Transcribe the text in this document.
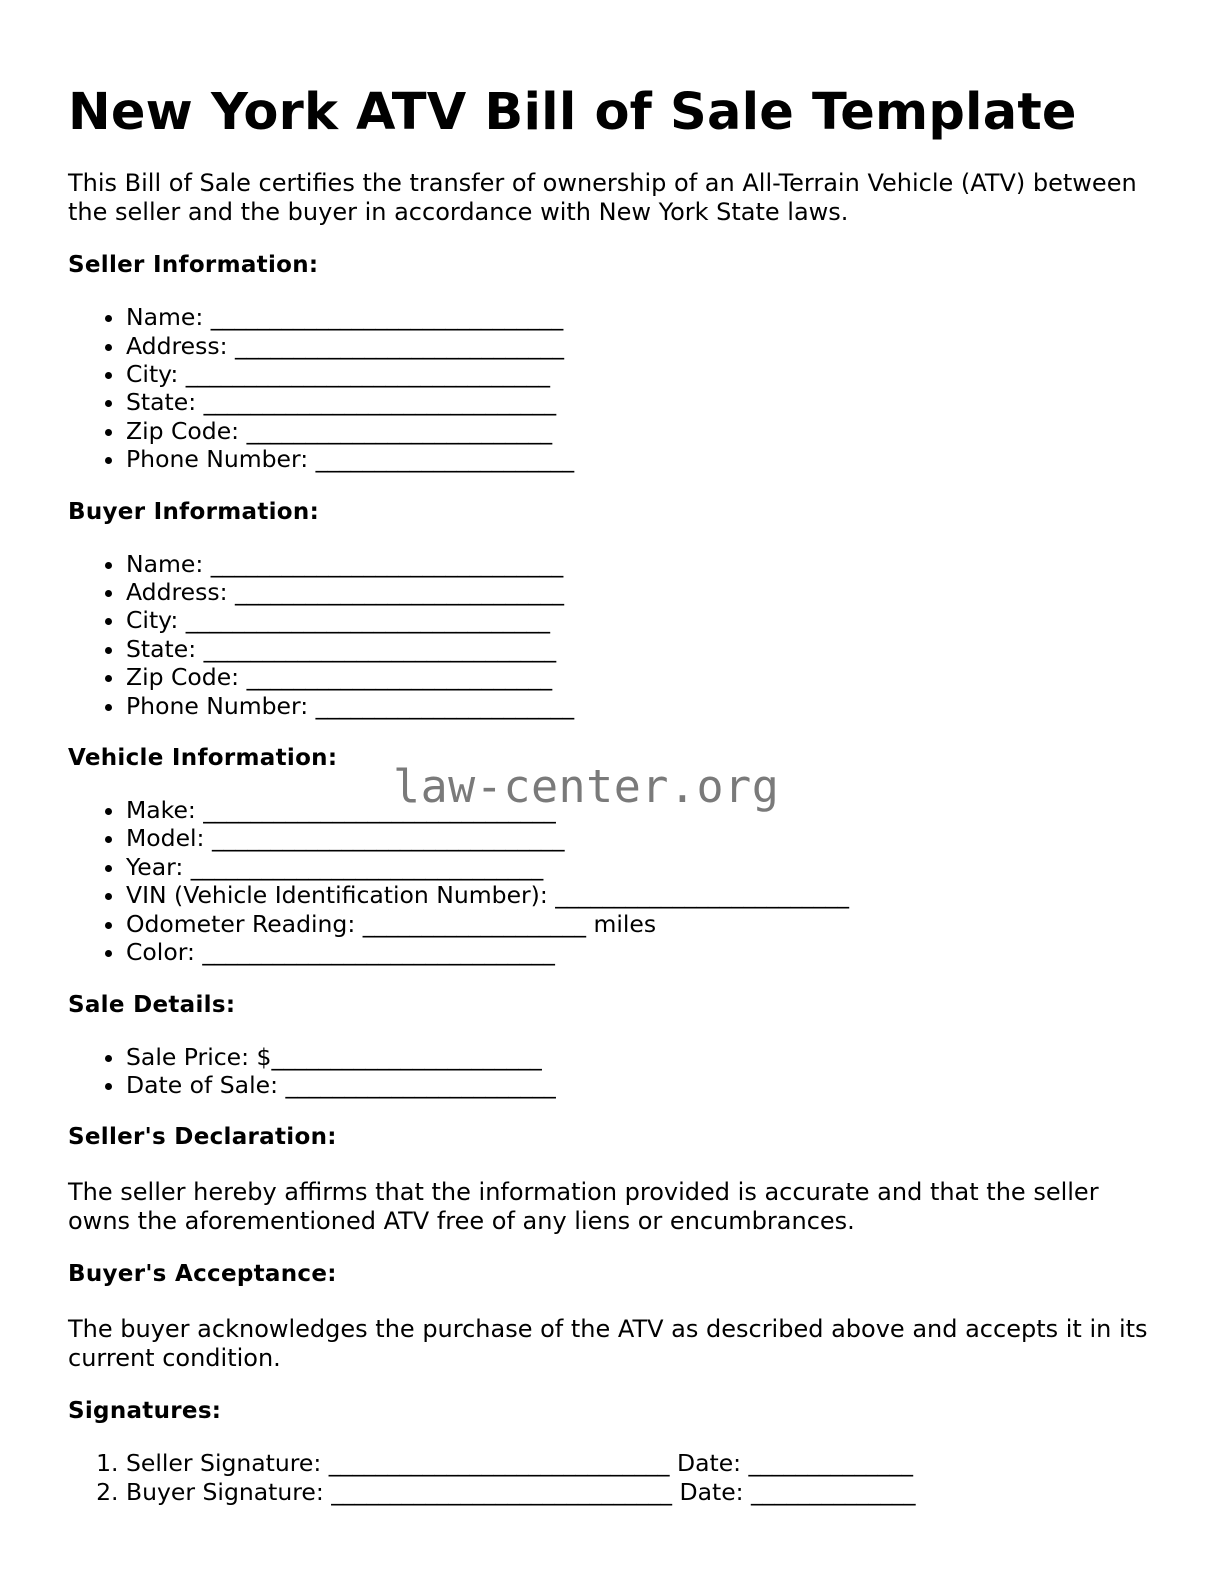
New York ATV Bill of Sale Template

This Bill of Sale certifies the transfer of ownership of an All-Terrain Vehicle (ATV) between the seller and the buyer in accordance with New York State laws.

Seller Information:
• Name: ______________________________
• Address: ____________________________
• City: _______________________________
• State: ______________________________
• Zip Code: __________________________
• Phone Number: ______________________
Buyer Information:
• Name: ______________________________
• Address: ____________________________
• City: _______________________________
• State: ______________________________
• Zip Code: __________________________
• Phone Number: ______________________
Vehicle Information:
• Make: ______________________________
• Model: ______________________________
• Year: ______________________________
• VIN (Vehicle Identification Number): _________________________
• Odometer Reading: ___________________ miles
• Color: ______________________________
Sale Details:
• Sale Price: $_______________________
• Date of Sale: _______________________
Seller's Declaration:

The seller hereby affirms that the information provided is accurate and that the seller owns the aforementioned ATV free of any liens or encumbrances.

Buyer's Acceptance:

The buyer acknowledges the purchase of the ATV as described above and accepts it in its current condition.

Signatures:
1. Seller Signature: _____________________________ Date: ______________
2. Buyer Signature: _____________________________ Date: ______________
law-center.org
